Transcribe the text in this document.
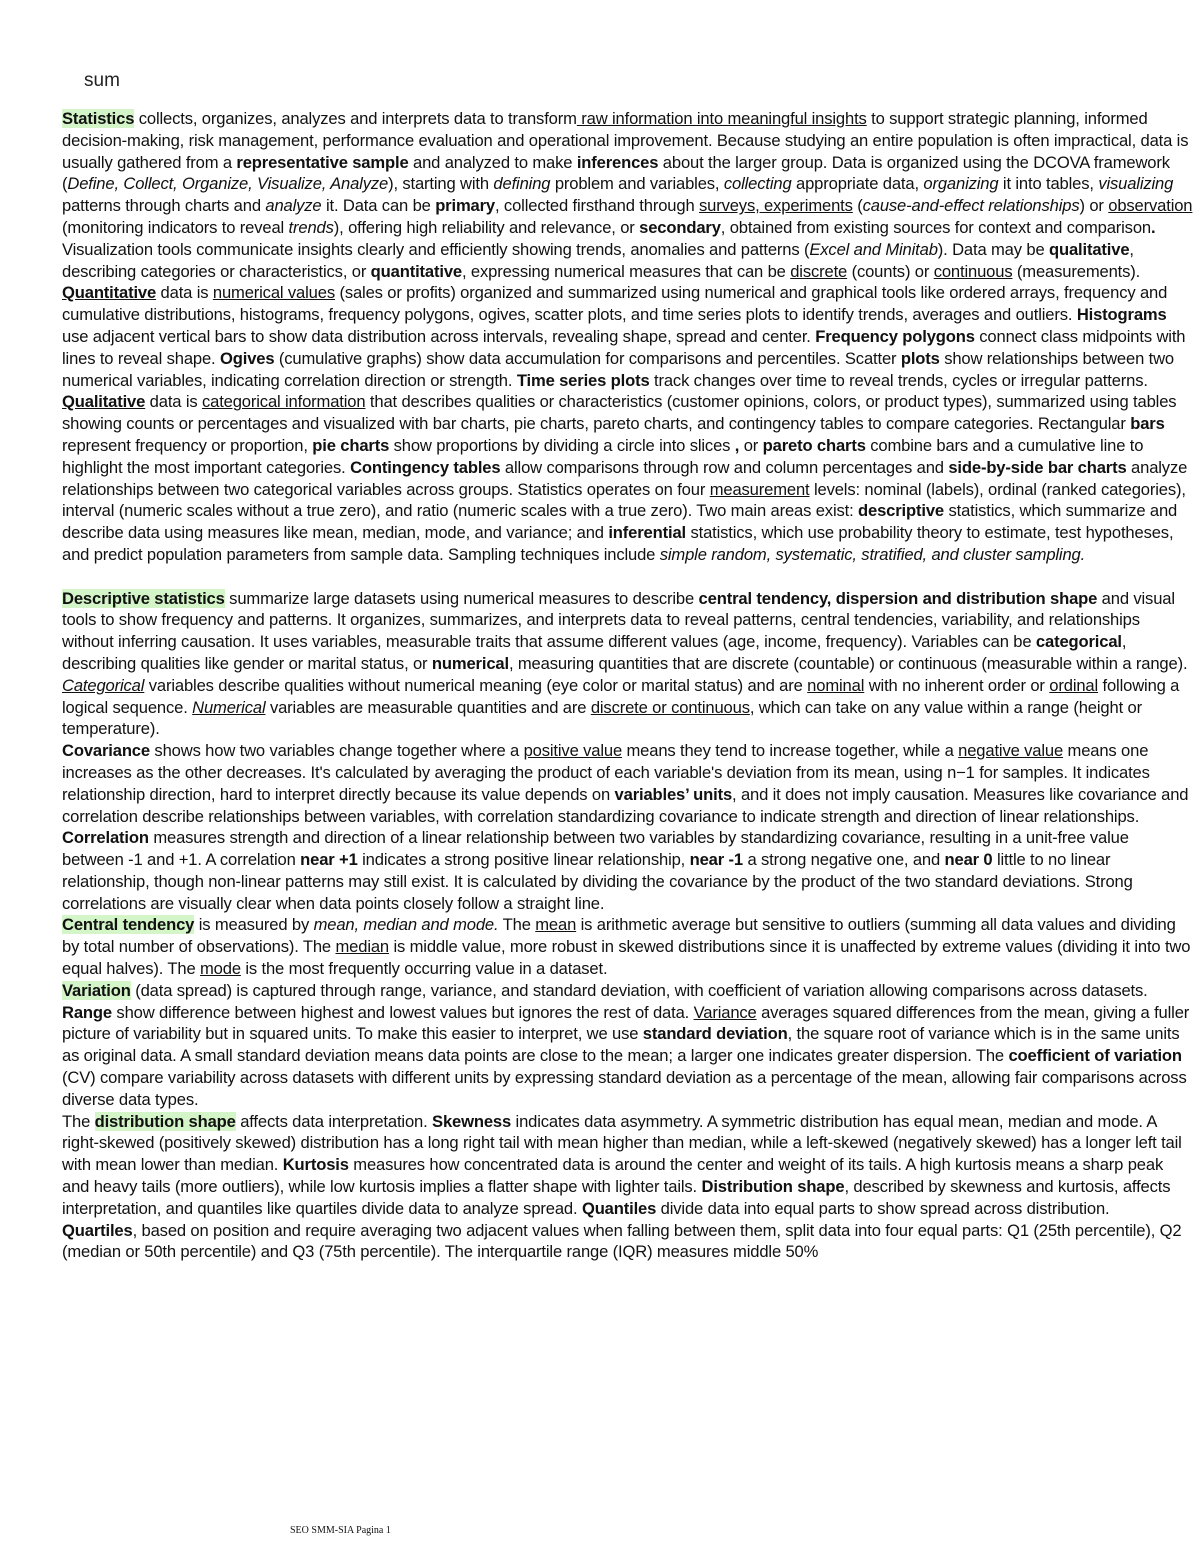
sum

Statistics collects, organizes, analyzes and interprets data to transform raw information into meaningful insights to support strategic planning, informed decision-making, risk management, performance evaluation and operational improvement. Because studying an entire population is often impractical, data is usually gathered from a representative sample and analyzed to make inferences about the larger group. Data is organized using the DCOVA framework (Define, Collect, Organize, Visualize, Analyze), starting with defining problem and variables, collecting appropriate data, organizing it into tables, visualizing patterns through charts and analyze it. Data can be primary, collected firsthand through surveys, experiments (cause-and-effect relationships) or observation (monitoring indicators to reveal trends), offering high reliability and relevance, or secondary, obtained from existing sources for context and comparison. Visualization tools communicate insights clearly and efficiently showing trends, anomalies and patterns (Excel and Minitab). Data may be qualitative, describing categories or characteristics, or quantitative, expressing numerical measures that can be discrete (counts) or continuous (measurements). Quantitative data is numerical values (sales or profits) organized and summarized using numerical and graphical tools like ordered arrays, frequency and cumulative distributions, histograms, frequency polygons, ogives, scatter plots, and time series plots to identify trends, averages and outliers. Histograms use adjacent vertical bars to show data distribution across intervals, revealing shape, spread and center. Frequency polygons connect class midpoints with lines to reveal shape. Ogives (cumulative graphs) show data accumulation for comparisons and percentiles. Scatter plots show relationships between two numerical variables, indicating correlation direction or strength. Time series plots track changes over time to reveal trends, cycles or irregular patterns. Qualitative data is categorical information that describes qualities or characteristics (customer opinions, colors, or product types), summarized using tables showing counts or percentages and visualized with bar charts, pie charts, pareto charts, and contingency tables to compare categories. Rectangular bars represent frequency or proportion, pie charts show proportions by dividing a circle into slices , or pareto charts combine bars and a cumulative line to highlight the most important categories. Contingency tables allow comparisons through row and column percentages and side-by-side bar charts analyze relationships between two categorical variables across groups. Statistics operates on four measurement levels: nominal (labels), ordinal (ranked categories), interval (numeric scales without a true zero), and ratio (numeric scales with a true zero). Two main areas exist: descriptive statistics, which summarize and describe data using measures like mean, median, mode, and variance; and inferential statistics, which use probability theory to estimate, test hypotheses, and predict population parameters from sample data. Sampling techniques include simple random, systematic, stratified, and cluster sampling.

Descriptive statistics summarize large datasets using numerical measures to describe central tendency, dispersion and distribution shape and visual tools to show frequency and patterns. It organizes, summarizes, and interprets data to reveal patterns, central tendencies, variability, and relationships without inferring causation. It uses variables, measurable traits that assume different values (age, income, frequency). Variables can be categorical, describing qualities like gender or marital status, or numerical, measuring quantities that are discrete (countable) or continuous (measurable within a range). Categorical variables describe qualities without numerical meaning (eye color or marital status) and are nominal with no inherent order or ordinal following a logical sequence. Numerical variables are measurable quantities and are discrete or continuous, which can take on any value within a range (height or temperature).

Covariance shows how two variables change together where a positive value means they tend to increase together, while a negative value means one increases as the other decreases. It's calculated by averaging the product of each variable's deviation from its mean, using n−1 for samples. It indicates relationship direction, hard to interpret directly because its value depends on variables’ units, and it does not imply causation. Measures like covariance and correlation describe relationships between variables, with correlation standardizing covariance to indicate strength and direction of linear relationships. Correlation measures strength and direction of a linear relationship between two variables by standardizing covariance, resulting in a unit-free value between -1 and +1. A correlation near +1 indicates a strong positive linear relationship, near -1 a strong negative one, and near 0 little to no linear relationship, though non-linear patterns may still exist. It is calculated by dividing the covariance by the product of the two standard deviations. Strong correlations are visually clear when data points closely follow a straight line.

Central tendency is measured by mean, median and mode. The mean is arithmetic average but sensitive to outliers (summing all data values and dividing by total number of observations). The median is middle value, more robust in skewed distributions since it is unaffected by extreme values (dividing it into two equal halves). The mode is the most frequently occurring value in a dataset.

Variation (data spread) is captured through range, variance, and standard deviation, with coefficient of variation allowing comparisons across datasets. Range show difference between highest and lowest values but ignores the rest of data. Variance averages squared differences from the mean, giving a fuller picture of variability but in squared units. To make this easier to interpret, we use standard deviation, the square root of variance which is in the same units as original data. A small standard deviation means data points are close to the mean; a larger one indicates greater dispersion. The coefficient of variation (CV) compare variability across datasets with different units by expressing standard deviation as a percentage of the mean, allowing fair comparisons across diverse data types.

The distribution shape affects data interpretation. Skewness indicates data asymmetry. A symmetric distribution has equal mean, median and mode. A right-skewed (positively skewed) distribution has a long right tail with mean higher than median, while a left-skewed (negatively skewed) has a longer left tail with mean lower than median. Kurtosis measures how concentrated data is around the center and weight of its tails. A high kurtosis means a sharp peak and heavy tails (more outliers), while low kurtosis implies a flatter shape with lighter tails. Distribution shape, described by skewness and kurtosis, affects interpretation, and quantiles like quartiles divide data to analyze spread. Quantiles divide data into equal parts to show spread across distribution.

Quartiles, based on position and require averaging two adjacent values when falling between them, split data into four equal parts: Q1 (25th percentile), Q2 (median or 50th percentile) and Q3 (75th percentile). The interquartile range (IQR) measures middle 50%

SEO SMM-SIA Pagina 1
